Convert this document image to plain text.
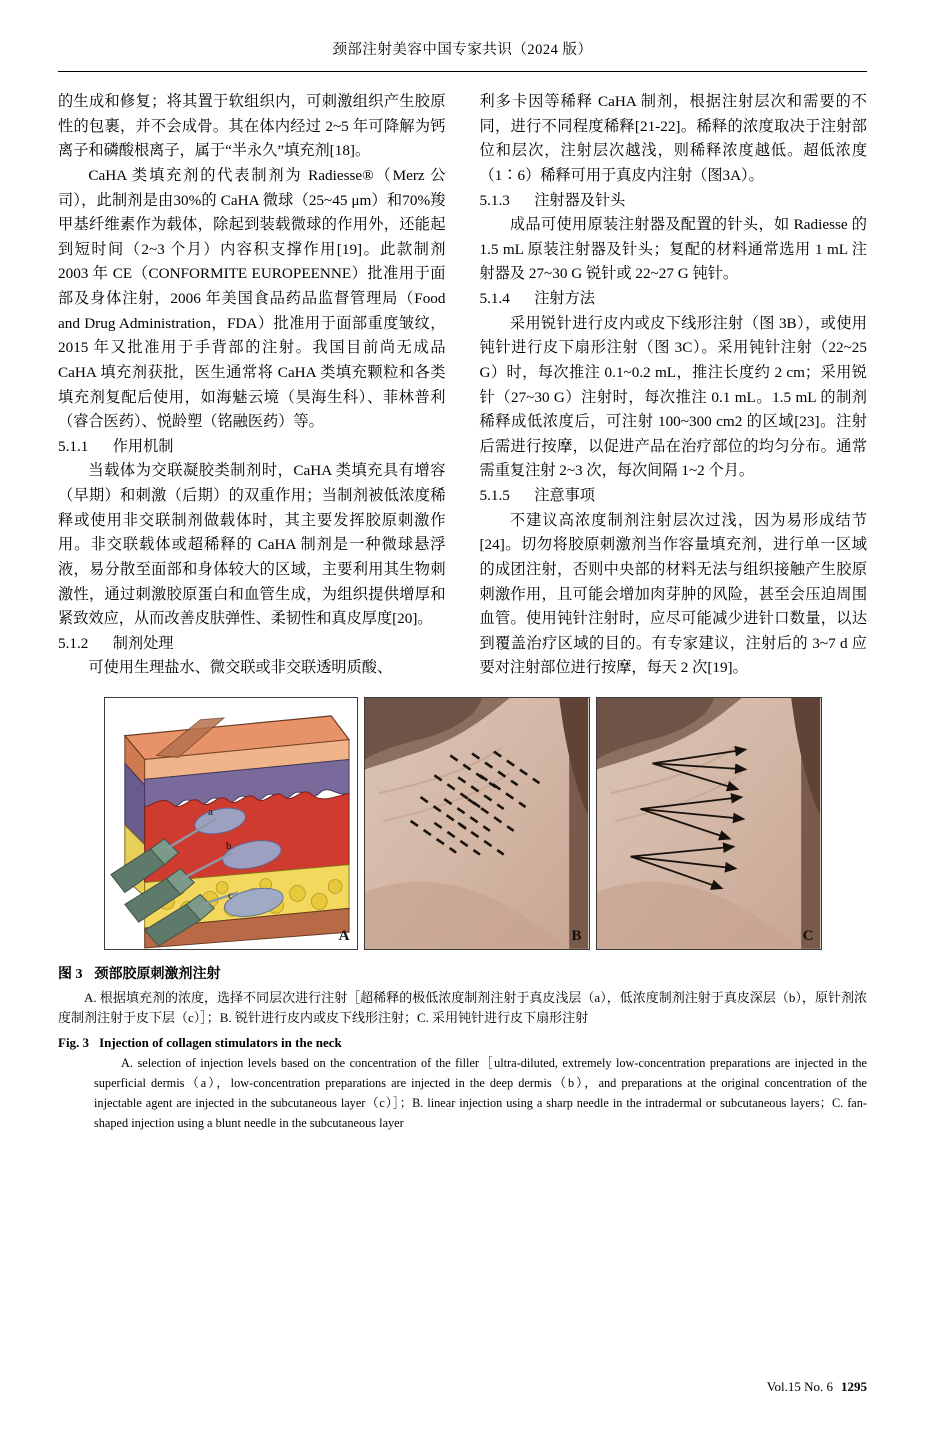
颈部注射美容中国专家共识（2024 版）

的生成和修复；将其置于软组织内，可刺激组织产生胶原性的包裹，并不会成骨。其在体内经过 2~5 年可降解为钙离子和磷酸根离子，属于“半永久”填充剂[18]。

CaHA 类填充剂的代表制剂为 Radiesse®（Merz 公司），此制剂是由30%的 CaHA 微球（25~45 μm）和70%羧甲基纤维素作为载体，除起到装载微球的作用外，还能起到短时间（2~3 个月）内容积支撑作用[19]。此款制剂 2003 年 CE（CONFORMITE EUROPEENNE）批准用于面部及身体注射，2006 年美国食品药品监督管理局（Food and Drug Administration，FDA）批准用于面部重度皱纹，2015 年又批准用于手背部的注射。我国目前尚无成品 CaHA 填充剂获批，医生通常将 CaHA 类填充颗粒和各类填充剂复配后使用，如海魅云境（昊海生科）、菲林普利（睿合医药）、悦龄塑（铭融医药）等。

5.1.1 作用机制

当载体为交联凝胶类制剂时，CaHA 类填充具有增容（早期）和刺激（后期）的双重作用；当制剂被低浓度稀释或使用非交联制剂做载体时，其主要发挥胶原刺激作用。非交联载体或超稀释的 CaHA 制剂是一种微球悬浮液，易分散至面部和身体较大的区域，主要利用其生物刺激性，通过刺激胶原蛋白和血管生成，为组织提供增厚和紧致效应，从而改善皮肤弹性、柔韧性和真皮厚度[20]。

5.1.2 制剂处理

可使用生理盐水、微交联或非交联透明质酸、

利多卡因等稀释 CaHA 制剂，根据注射层次和需要的不同，进行不同程度稀释[21-22]。稀释的浓度取决于注射部位和层次，注射层次越浅，则稀释浓度越低。超低浓度（1∶6）稀释可用于真皮内注射（图3A）。

5.1.3 注射器及针头

成品可使用原装注射器及配置的针头，如 Radiesse 的 1.5 mL 原装注射器及针头；复配的材料通常选用 1 mL 注射器及 27~30 G 锐针或 22~27 G 钝针。

5.1.4 注射方法

采用锐针进行皮内或皮下线形注射（图 3B），或使用钝针进行皮下扇形注射（图 3C）。采用钝针注射（22~25 G）时，每次推注 0.1~0.2 mL，推注长度约 2 cm；采用锐针（27~30 G）注射时，每次推注 0.1 mL。1.5 mL 的制剂稀释成低浓度后，可注射 100~300 cm2 的区域[23]。注射后需进行按摩，以促进产品在治疗部位的均匀分布。通常需重复注射 2~3 次，每次间隔 1~2 个月。

5.1.5 注意事项

不建议高浓度制剂注射层次过浅，因为易形成结节[24]。切勿将胶原刺激剂当作容量填充剂，进行单一区域的成团注射，否则中央部的材料无法与组织接触产生胶原刺激作用，且可能会增加肉芽肿的风险，甚至会压迫周围血管。使用钝针注射时，应尽可能减少进针口数量，以达到覆盖治疗区域的目的。有专家建议，注射后的 3~7 d 应要对注射部位进行按摩，每天 2 次[19]。

a
b
c
A	B	C
图 3 颈部胶原刺激剂注射
A. 根据填充剂的浓度，选择不同层次进行注射［超稀释的极低浓度制剂注射于真皮浅层（a），低浓度制剂注射于真皮深层（b），原针剂浓度制剂注射于皮下层（c）］；B. 锐针进行皮内或皮下线形注射；C. 采用钝针进行皮下扇形注射
Fig. 3 Injection of collagen stimulators in the neck
A. selection of injection levels based on the concentration of the filler［ultra-diluted, extremely low-concentration preparations are injected in the superficial dermis（a），low-concentration preparations are injected in the deep dermis（b），and preparations at the original concentration of the injectable agent are injected in the subcutaneous layer（c）］；B. linear injection using a sharp needle in the intradermal or subcutaneous layers；C. fan-shaped injection using a blunt needle in the subcutaneous layer
Vol.15 No. 6 1295
